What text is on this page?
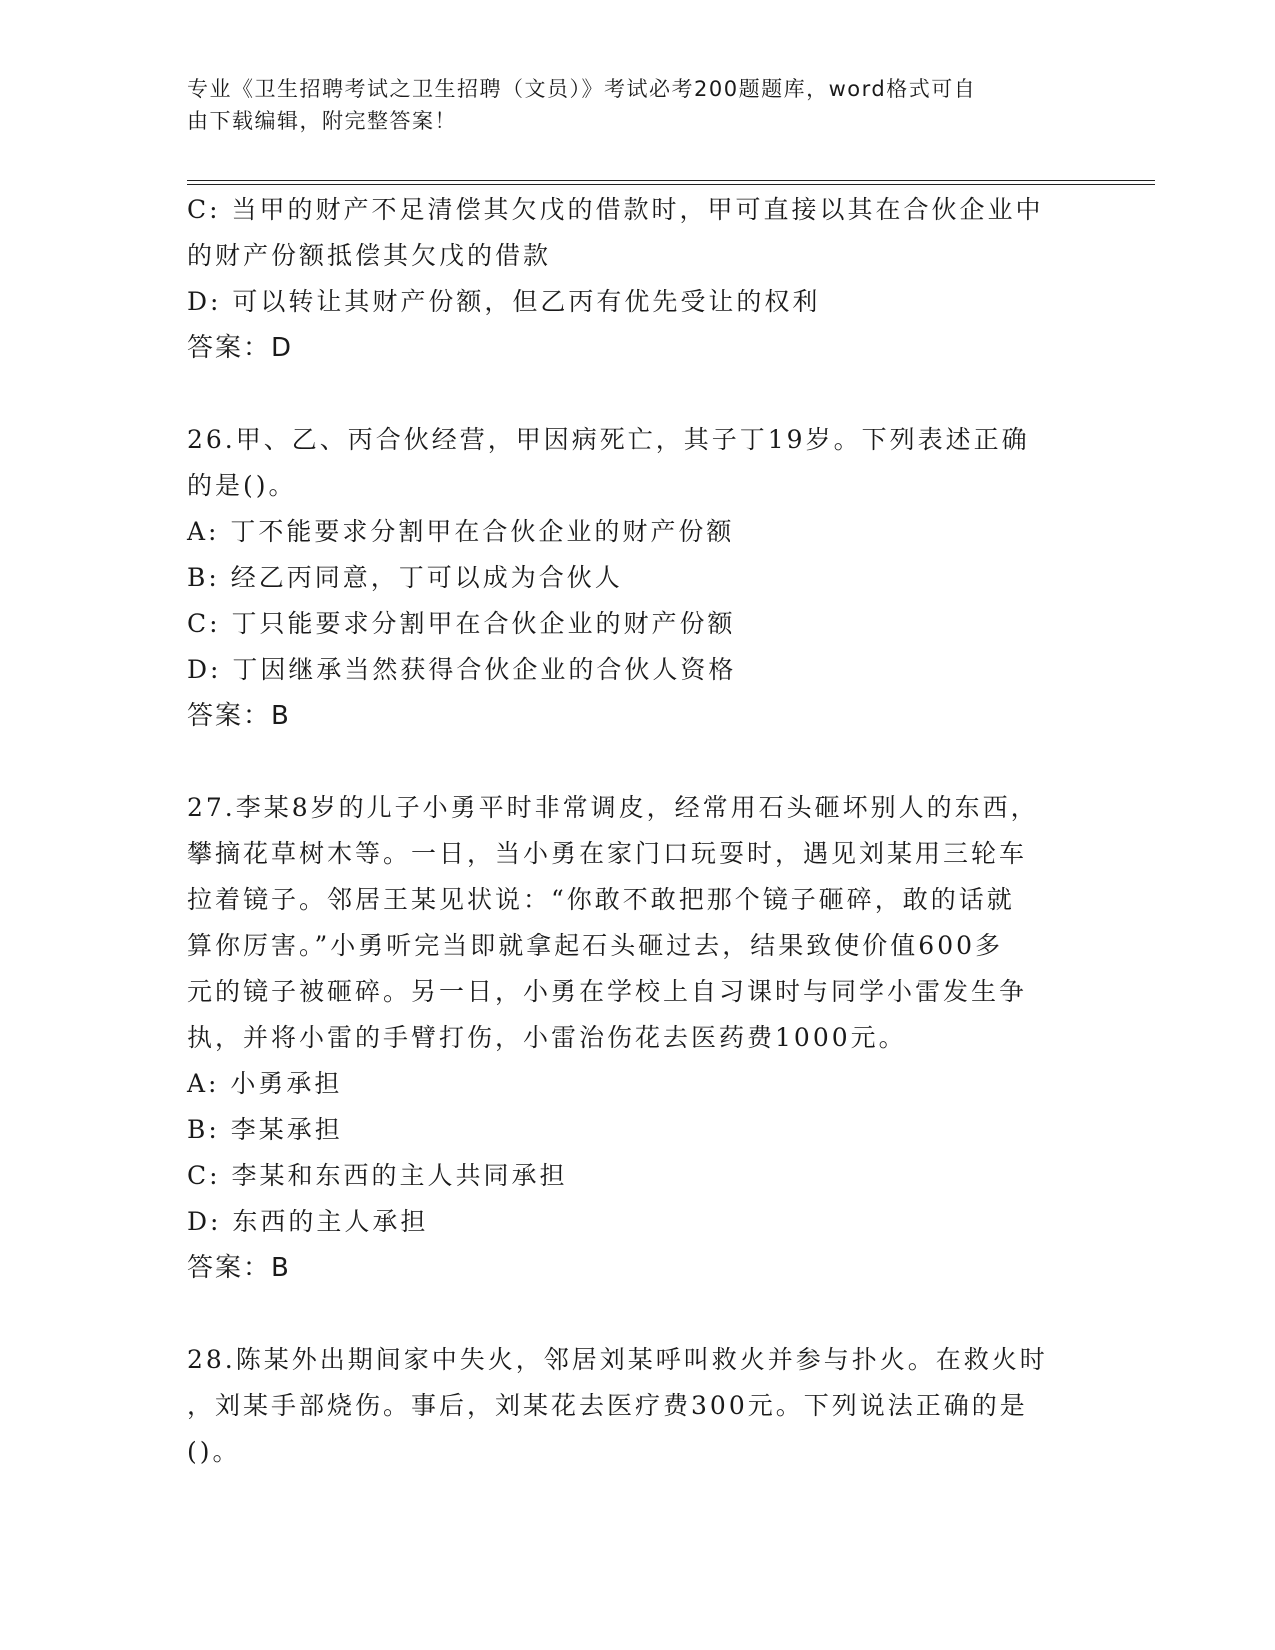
专业《卫生招聘考试之卫生招聘（文员）》考试必考200题题库，word格式可自
由下载编辑，附完整答案！
C: 当甲的财产不足清偿其欠戊的借款时，甲可直接以其在合伙企业中
的财产份额抵偿其欠戊的借款
D: 可以转让其财产份额，但乙丙有优先受让的权利
答案：D
26.甲、乙、丙合伙经营，甲因病死亡，其子丁19岁。下列表述正确
的是()。
A: 丁不能要求分割甲在合伙企业的财产份额
B: 经乙丙同意，丁可以成为合伙人
C: 丁只能要求分割甲在合伙企业的财产份额
D: 丁因继承当然获得合伙企业的合伙人资格
答案：B
27.李某8岁的儿子小勇平时非常调皮，经常用石头砸坏别人的东西，
攀摘花草树木等。一日，当小勇在家门口玩耍时，遇见刘某用三轮车
拉着镜子。邻居王某见状说：“你敢不敢把那个镜子砸碎，敢的话就
算你厉害。”小勇听完当即就拿起石头砸过去，结果致使价值600多
元的镜子被砸碎。另一日，小勇在学校上自习课时与同学小雷发生争
执，并将小雷的手臂打伤，小雷治伤花去医药费1000元。
A: 小勇承担
B: 李某承担
C: 李某和东西的主人共同承担
D: 东西的主人承担
答案：B
28.陈某外出期间家中失火，邻居刘某呼叫救火并参与扑火。在救火时
，刘某手部烧伤。事后，刘某花去医疗费300元。下列说法正确的是
()。
